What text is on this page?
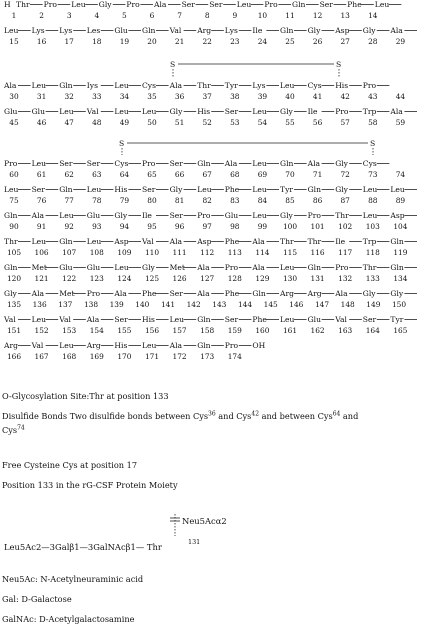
H Thr Pro Leu Gly Pro Ala Ser Ser Leu Pro Gln Ser Phe Leu
1	2	3	4	5	6	7	8	9	10 11 12 13 14
Leu Lys Lys Les Glu Gln Val Arg Lys Ile Gln Gly Asp Gly Ala
15 16 17 18 19 20 21 22 23 24 25 26 27 28 29
Ala Leu Gln Iys Leu Cys Ala Thr Tyr Lys Leu Cys His Pro
30 31 32 33 34 35 36 37 38 39 40 41 42 43 44
Glu Glu Leu Val Leu Leu Gly His Ser Leu Gly Ile Pro Trp Ala
45 46 47 48 49 50 51 52 53 54 55 56 57 58 59
Pro Leu Ser Ser Cys Pro Ser Gln Ala Leu Gln Ala Gly Cys
60 61 62 63 64 65 66 67 68 69 70 71 72 73 74
Leu Ser Gln Leu His Ser Gly Leu Phe Leu Tyr Gln Gly Leu Leu
75 76 77 78 79 80 81 82 83 84 85 86 87 88 89
Gln Ala Leu Glu Gly Ile Ser Pro Glu Leu Gly Pro Thr Leu Asp
90 91 92 93 94 95 96 97 98 99 100 101 102 103 104
Thr Leu Gln Leu Asp Val Ala Asp Phe Ala Thr Thr Ile Trp Gln
105 106 107 108 109 110 111 112 113 114 115 116 117 118 119
Gln Met Glu Glu Leu Gly Met Ala Pro Ala Leu Gln Pro Thr Gln
120 121 122 123 124 125 126 127 128 129 130 131 132 133 134
Gly Ala Met Pro Ala Phe Ser Ala Phe Gln Arg Arg Ala Gly Gly
135 136 137 138 139 140 141 142 143 144 145 146 147 148 149 150
Val Leu Val Ala Ser His Leu Gln Ser Phe Leu Glu Val Ser Tyr
151 152 153 154 155 156 157 158 159 160 161 162 163 164 165
Arg Val Leu Arg His Leu Ala Gln Pro OH
166 167 168 169 170 171 172 173 174
S	S
S	S
Neu5Acα2
Leu5Ac2—3Galβ1—3GalNAcβ1— Thr	131

O-Glycosylation Site:Thr at position 133

Disulfide Bonds Two disulfide bonds between Cys$^{36}$ and Cys$^{42}$ and between Cys$^{64}$ and
Cys$^{74}$

Free Cysteine Cys at position 17

Position 133 in the rG-CSF Protein Moiety

Neu5Ac: N-Acetylneuraminic acid

Gal: D-Galactose

GalNAc: D-Acetylgalactosamine
